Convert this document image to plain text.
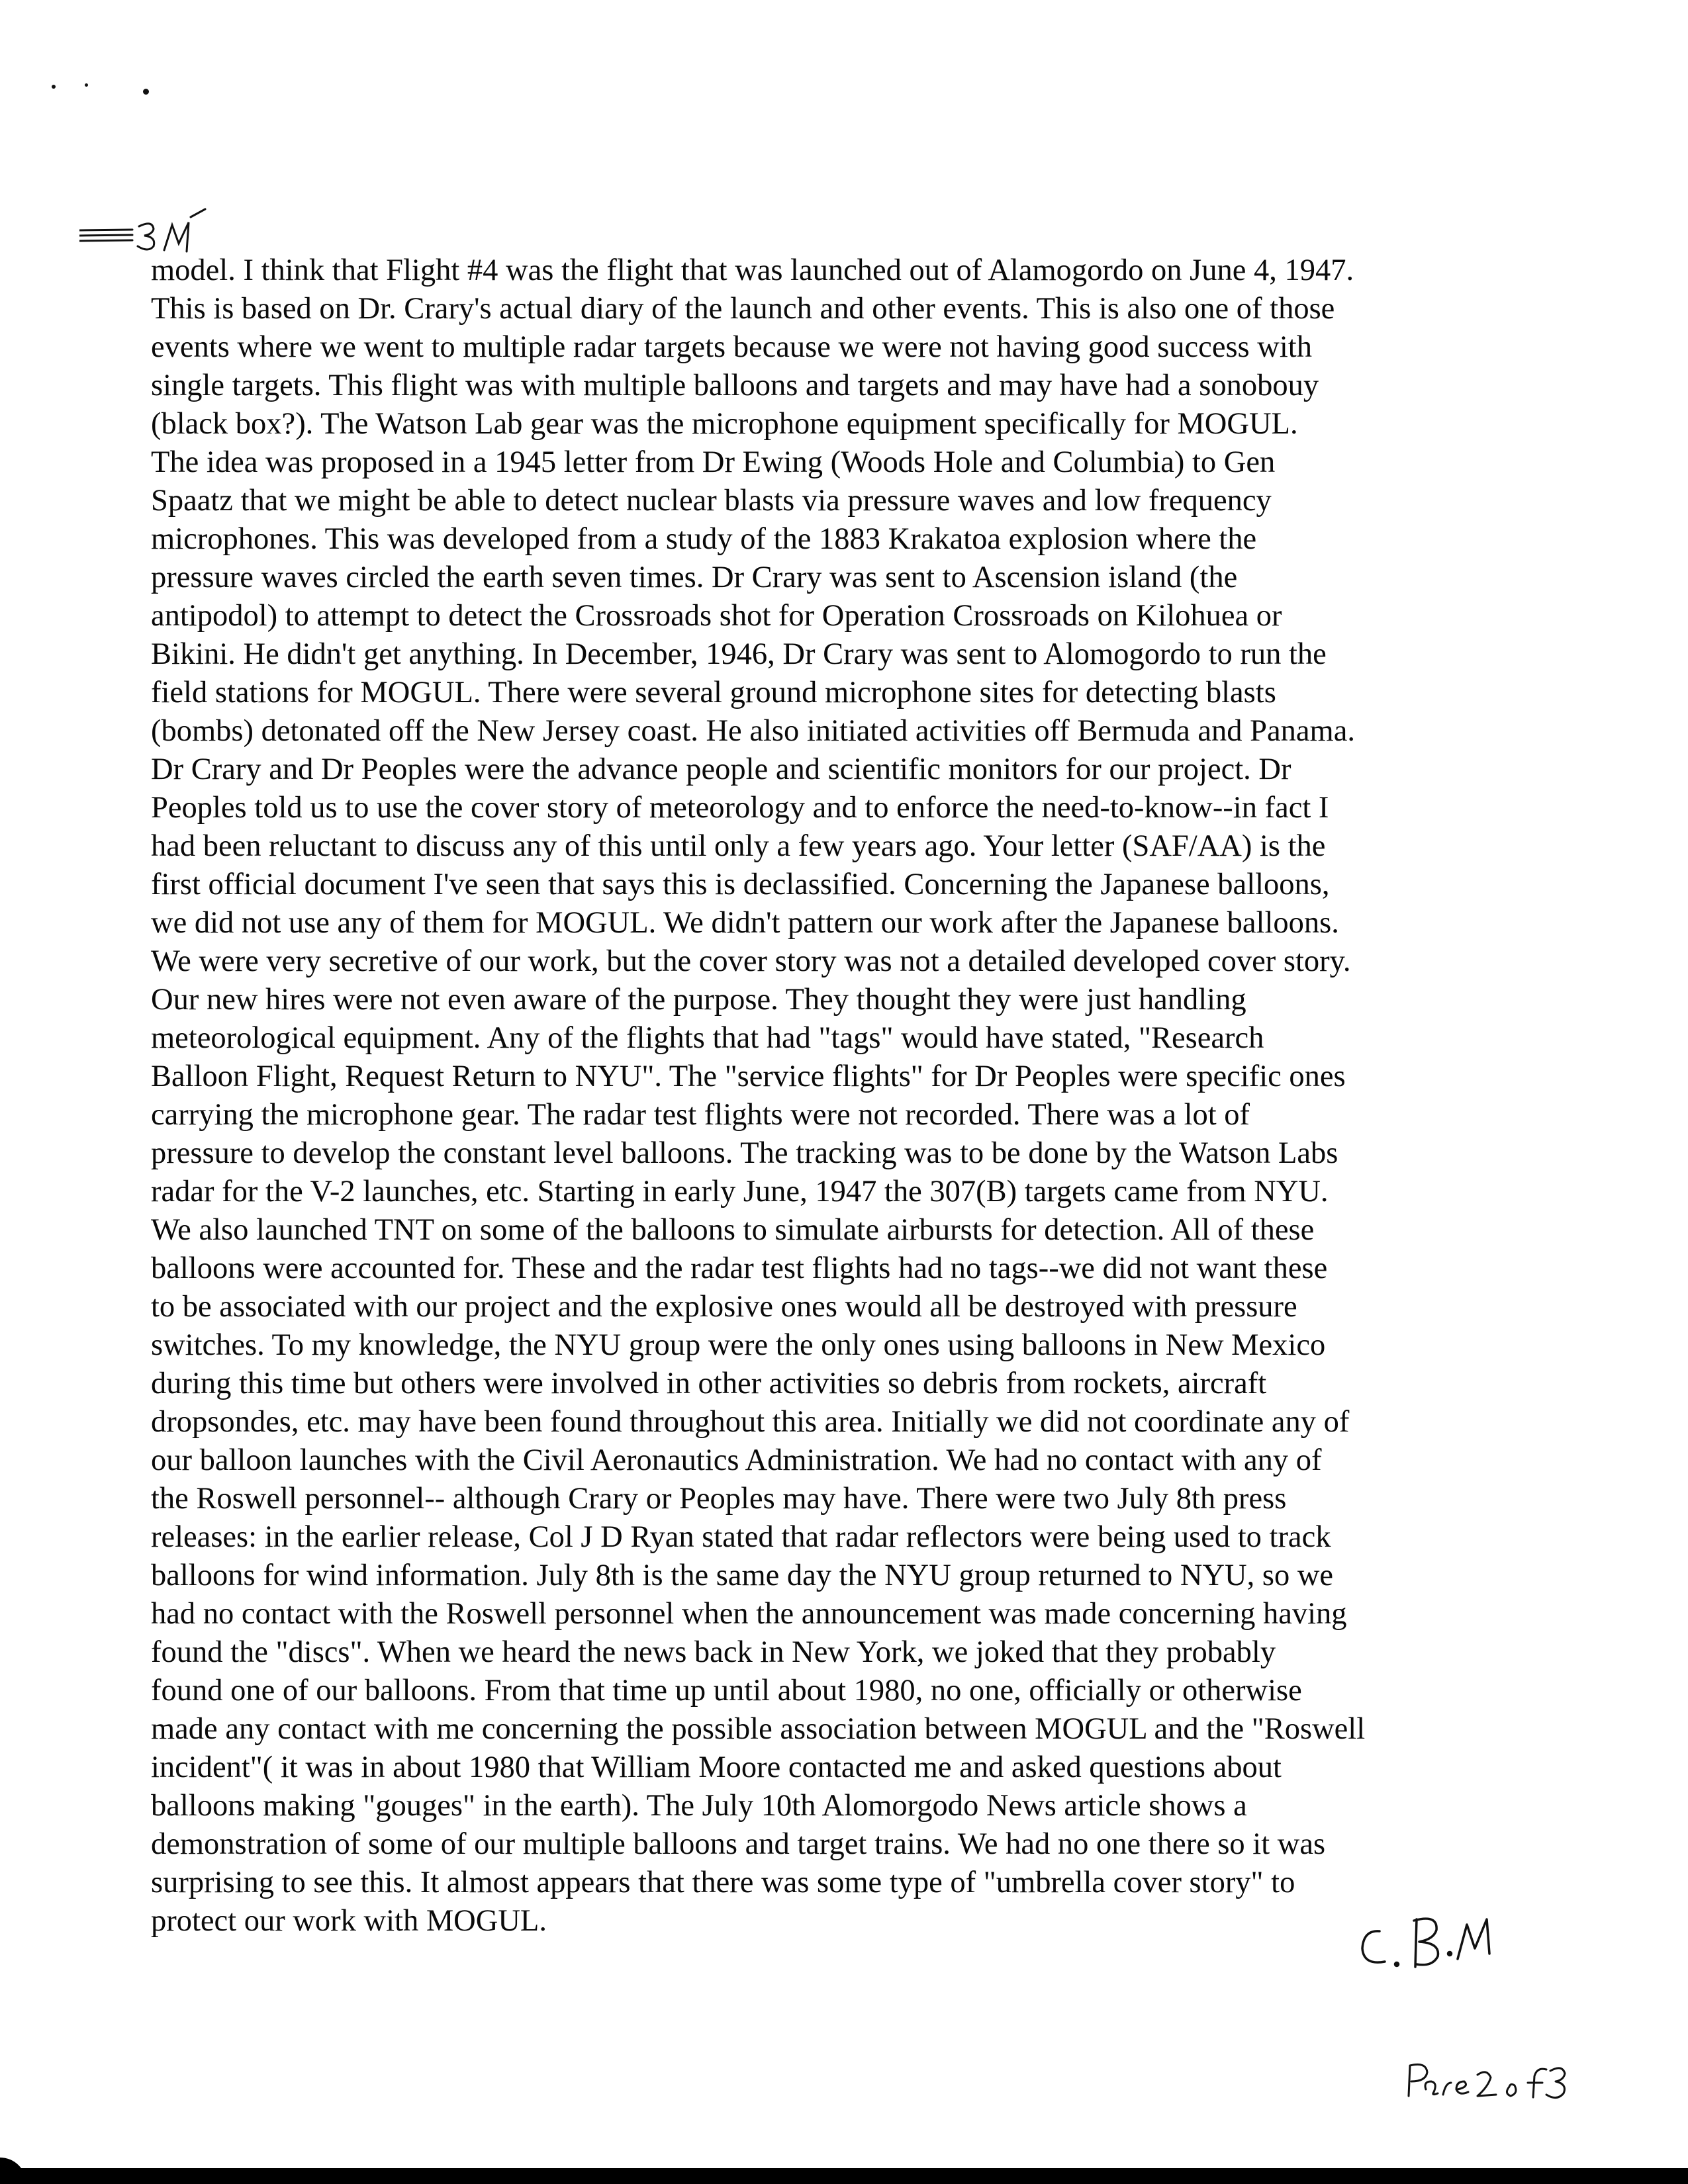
model. I think that Flight #4 was the flight that was launched out of Alamogordo on June 4, 1947.
This is based on Dr. Crary's actual diary of the launch and other events. This is also one of those
events where we went to multiple radar targets because we were not having good success with
single targets. This flight was with multiple balloons and targets and may have had a sonobouy
(black box?). The Watson Lab gear was the microphone equipment specifically for MOGUL.
The idea was proposed in a 1945 letter from Dr Ewing (Woods Hole and Columbia) to Gen
Spaatz that we might be able to detect nuclear blasts via pressure waves and low frequency
microphones. This was developed from a study of the 1883 Krakatoa explosion where the
pressure waves circled the earth seven times. Dr Crary was sent to Ascension island (the
antipodol) to attempt to detect the Crossroads shot for Operation Crossroads on Kilohuea or
Bikini. He didn't get anything. In December, 1946, Dr Crary was sent to Alomogordo to run the
field stations for MOGUL. There were several ground microphone sites for detecting blasts
(bombs) detonated off the New Jersey coast. He also initiated activities off Bermuda and Panama.
Dr Crary and Dr Peoples were the advance people and scientific monitors for our project. Dr
Peoples told us to use the cover story of meteorology and to enforce the need-to-know--in fact I
had been reluctant to discuss any of this until only a few years ago. Your letter (SAF/AA) is the
first official document I've seen that says this is declassified. Concerning the Japanese balloons,
we did not use any of them for MOGUL. We didn't pattern our work after the Japanese balloons.
We were very secretive of our work, but the cover story was not a detailed developed cover story.
Our new hires were not even aware of the purpose. They thought they were just handling
meteorological equipment. Any of the flights that had "tags" would have stated, "Research
Balloon Flight, Request Return to NYU". The "service flights" for Dr Peoples were specific ones
carrying the microphone gear. The radar test flights were not recorded. There was a lot of
pressure to develop the constant level balloons. The tracking was to be done by the Watson Labs
radar for the V-2 launches, etc. Starting in early June, 1947 the 307(B) targets came from NYU.
We also launched TNT on some of the balloons to simulate airbursts for detection. All of these
balloons were accounted for. These and the radar test flights had no tags--we did not want these
to be associated with our project and the explosive ones would all be destroyed with pressure
switches. To my knowledge, the NYU group were the only ones using balloons in New Mexico
during this time but others were involved in other activities so debris from rockets, aircraft
dropsondes, etc. may have been found throughout this area. Initially we did not coordinate any of
our balloon launches with the Civil Aeronautics Administration. We had no contact with any of
the Roswell personnel-- although Crary or Peoples may have. There were two July 8th press
releases: in the earlier release, Col J D Ryan stated that radar reflectors were being used to track
balloons for wind information. July 8th is the same day the NYU group returned to NYU, so we
had no contact with the Roswell personnel when the announcement was made concerning having
found the "discs". When we heard the news back in New York, we joked that they probably
found one of our balloons. From that time up until about 1980, no one, officially or otherwise
made any contact with me concerning the possible association between MOGUL and the "Roswell
incident"( it was in about 1980 that William Moore contacted me and asked questions about
balloons making "gouges" in the earth). The July 10th Alomorgodo News article shows a
demonstration of some of our multiple balloons and target trains. We had no one there so it was
surprising to see this. It almost appears that there was some type of "umbrella cover story" to
protect our work with MOGUL.
